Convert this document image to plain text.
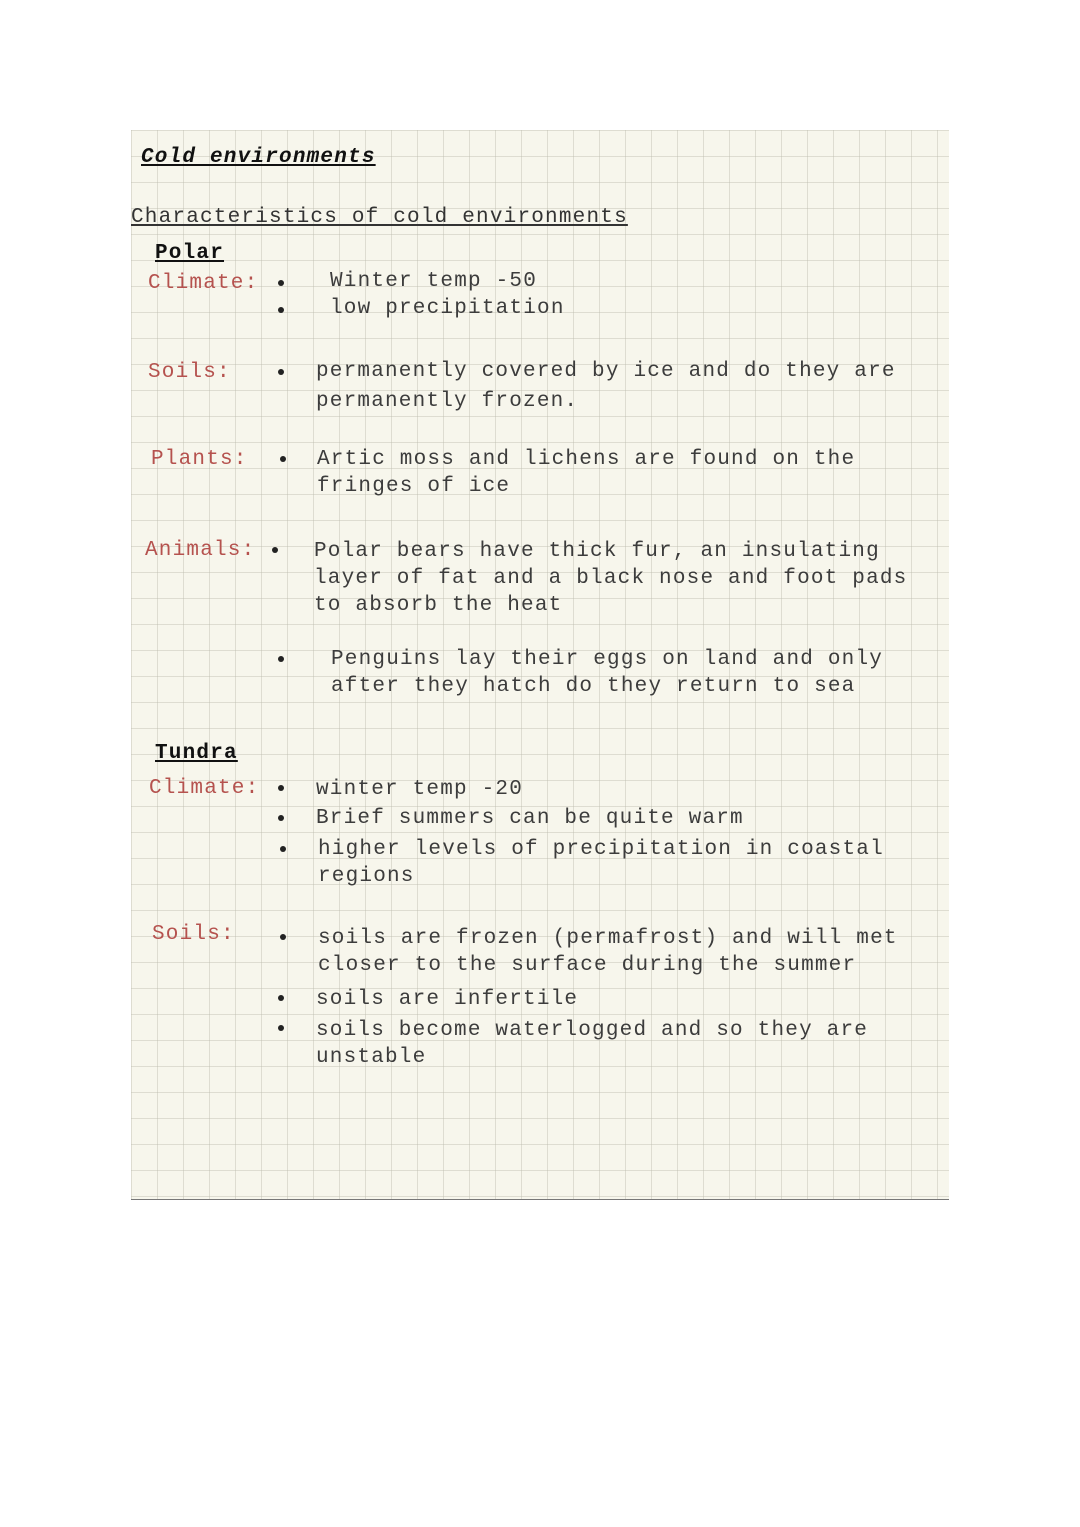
Cold environments
Characteristics of cold environments
Polar
Climate:	Winter temp -50
low precipitation
Soils:	permanently covered by ice and do they are
permanently frozen.
Plants:	Artic moss and lichens are found on the
fringes of ice
Animals:	Polar bears have thick fur, an insulating
layer of fat and a black nose and foot pads
to absorb the heat
Penguins lay their eggs on land and only
after they hatch do they return to sea
Tundra
Climate:	winter temp -20
Brief summers can be quite warm
higher levels of precipitation in coastal
regions
Soils:	soils are frozen (permafrost) and will met
closer to the surface during the summer
soils are infertile
soils become waterlogged and so they are
unstable
